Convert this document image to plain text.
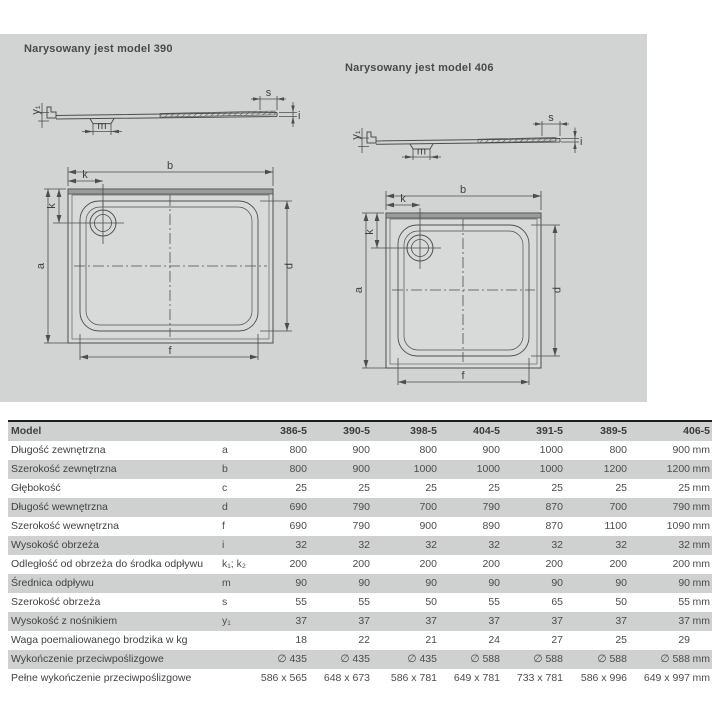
Narysowany jest model 390
Narysowany jest model 406
y₁
m
s
i
b
k
k
a	d
f
y₁
m
s
i
b
k
k
a	d
f
Model		386-5	390-5	398-5	404-5	391-5	389-5	406-5
Długość zewnętrzna	a	800	900	800	900	1000	800	900 mm
Szerokość zewnętrzna	b	800	900	1000	1000	1000	1200	1200 mm
Głębokość	c	25	25	25	25	25	25	25 mm
Długość wewnętrzna	d	690	790	700	790	870	700	790 mm
Szerokość wewnętrzna	f	690	790	900	890	870	1100	1090 mm
Wysokość obrzeża	i	32	32	32	32	32	32	32 mm
Odległość od obrzeża do środka odpływu	k₁; k₂	200	200	200	200	200	200	200 mm
Średnica odpływu	m	90	90	90	90	90	90	90 mm
Szerokość obrzeża	s	55	55	50	55	65	50	55 mm
Wysokość z nośnikiem	y₁	37	37	37	37	37	37	37 mm
Waga poemaliowanego brodzika w kg		18	22	21	24	27	25	29
Wykończenie przeciwpoślizgowe		∅ 435	∅ 435	∅ 435	∅ 588	∅ 588	∅ 588	∅ 588 mm
Pełne wykończenie przeciwpoślizgowe		586 x 565	648 x 673	586 x 781	649 x 781	733 x 781	586 x 996	649 x 997 mm
